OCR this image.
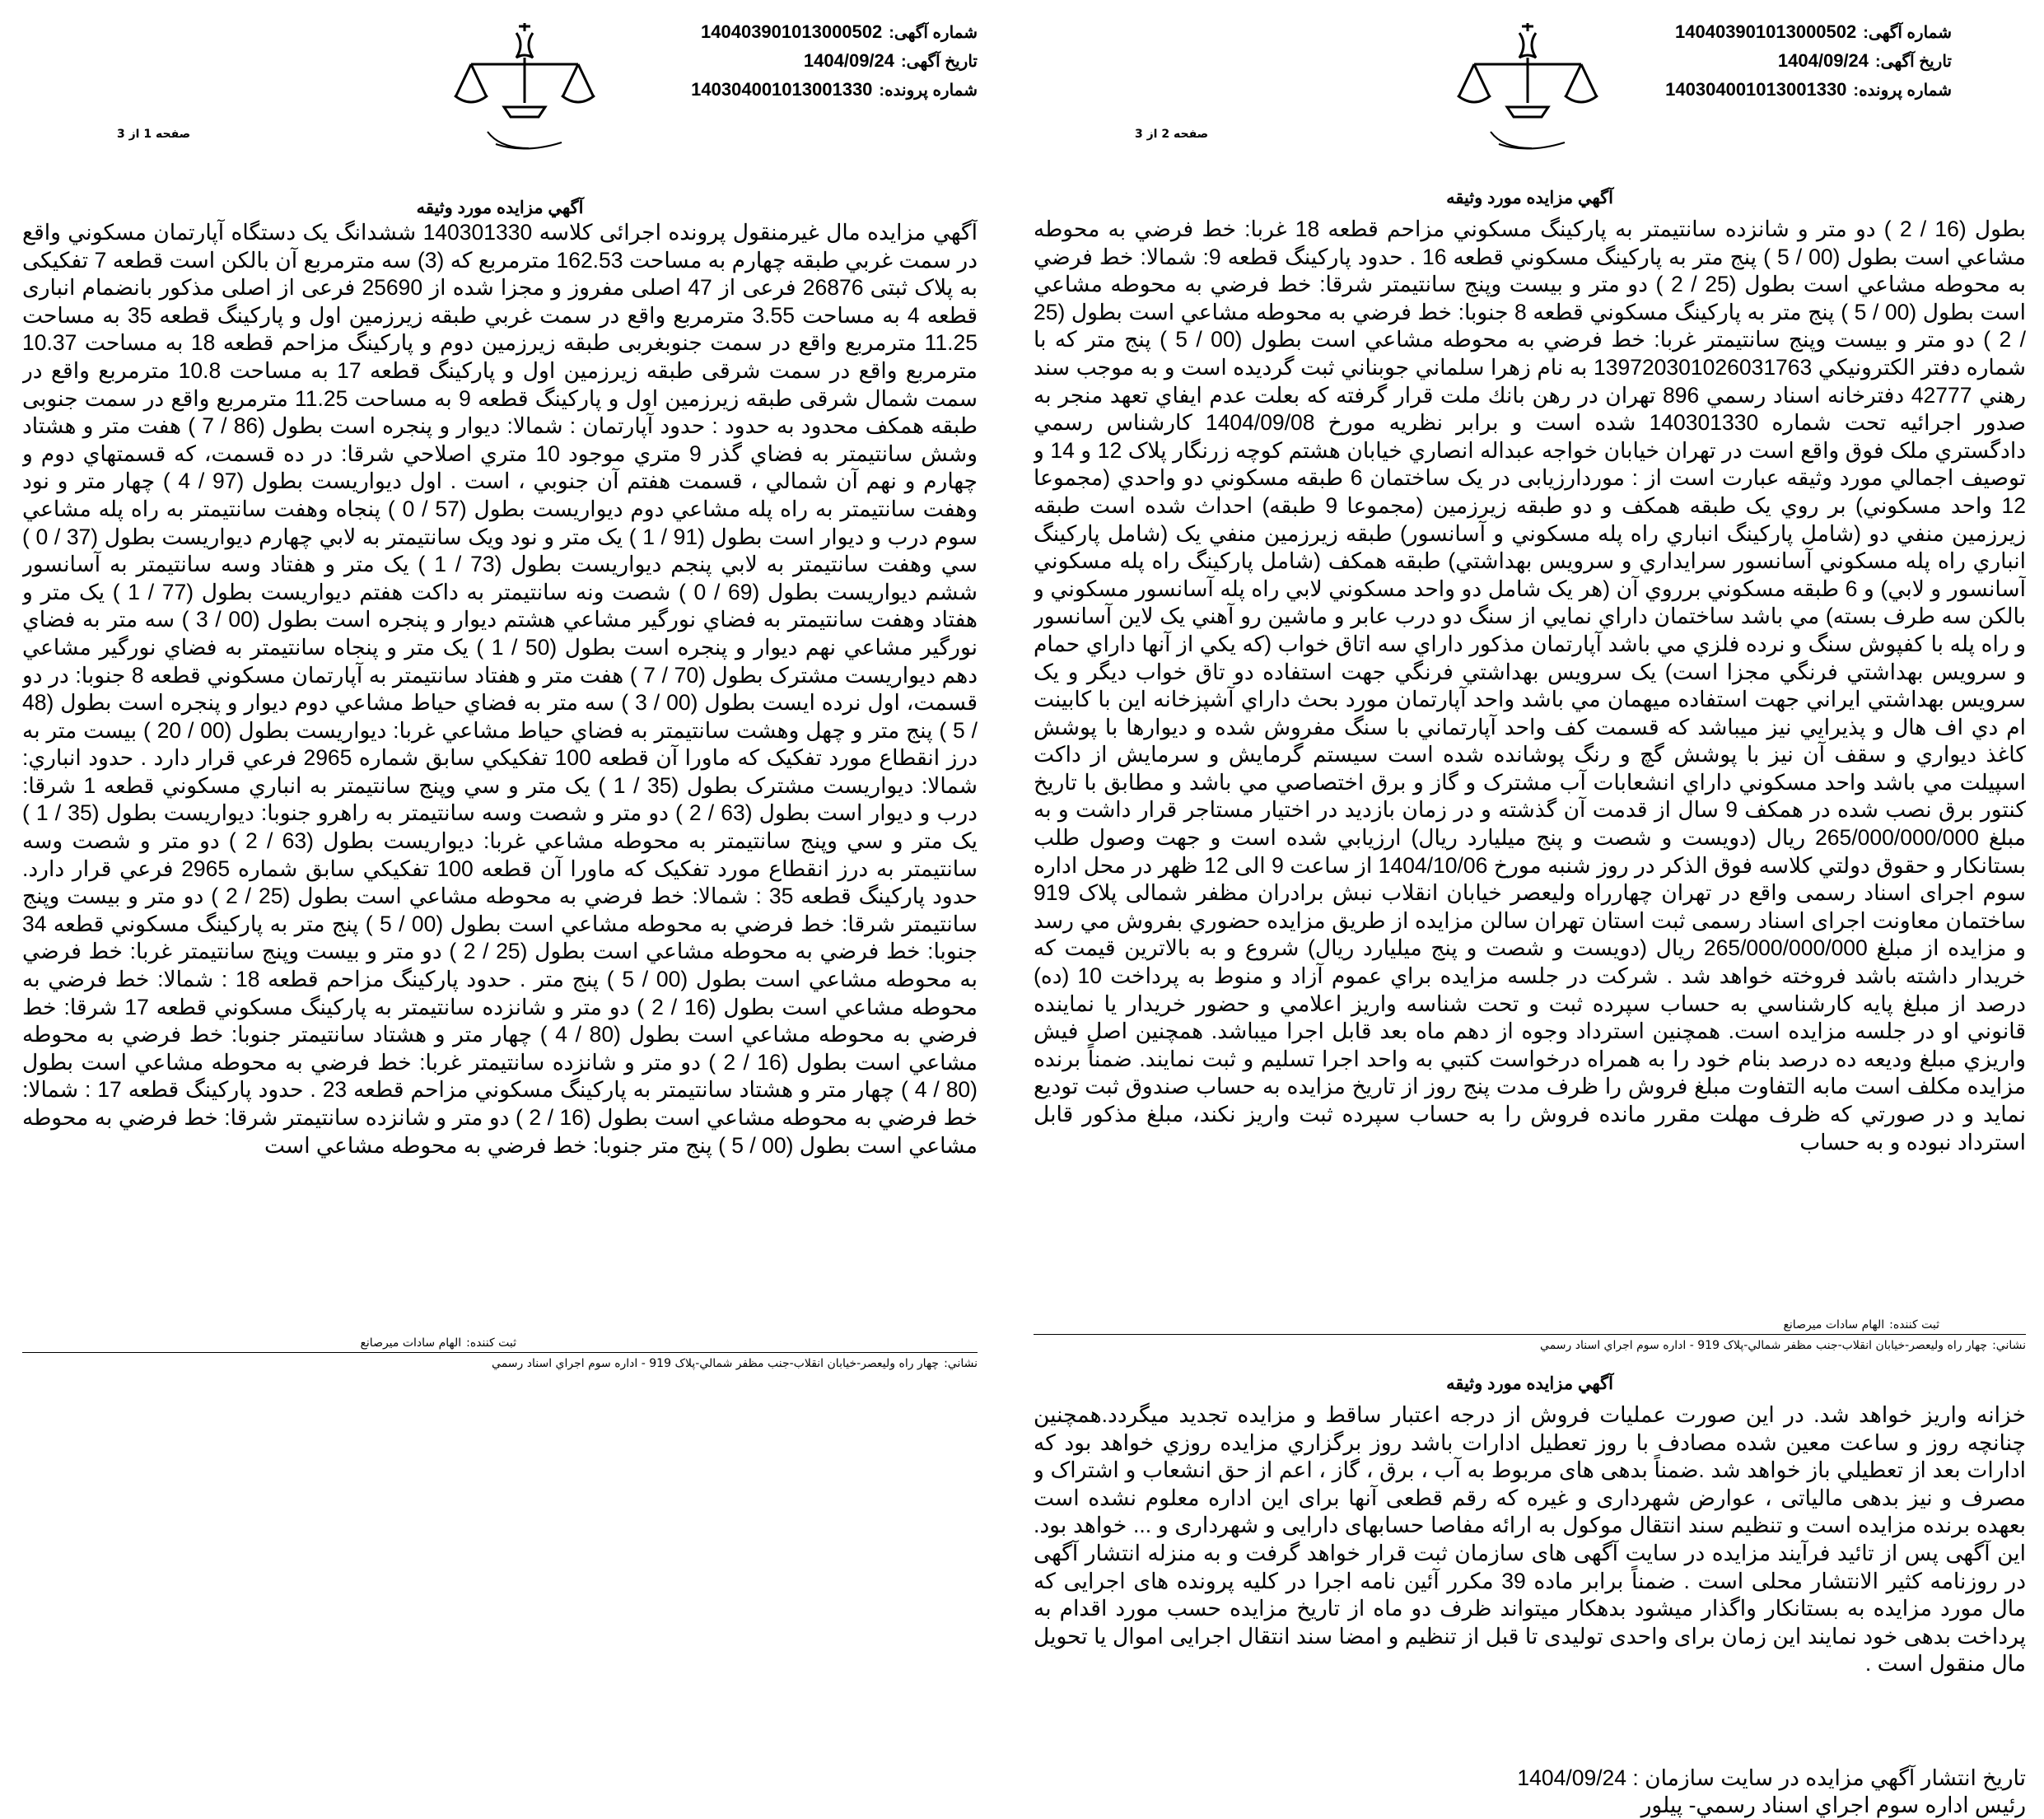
شماره آگهی:140403901013000502
تاریخ آگهی:1404/09/24
شماره پرونده:140304001013001330
صفحه 1 از 3
آگهي مزايده مورد وثيقه
آگهي مزايده مال غيرمنقول پرونده اجرائی کلاسه 140301330 ششدانگ یک دستگاه آپارتمان مسكوني واقع در سمت غربي طبقه چهارم به مساحت 162.53 مترمربع که (3) سه مترمربع آن بالکن است قطعه 7 تفکیکی به پلاک ثبتی 26876 فرعی از 47 اصلی مفروز و مجزا شده از 25690 فرعی از اصلی مذکور بانضمام انباری قطعه 4 به مساحت 3.55 مترمربع واقع در سمت غربي طبقه زیرزمین اول و پارکینگ قطعه 35 به مساحت 11.25 مترمربع واقع در سمت جنوبغربی طبقه زیرزمین دوم و پارکینگ مزاحم قطعه 18 به مساحت 10.37 مترمربع واقع در سمت شرقی طبقه زیرزمین اول و پارکینگ قطعه 17 به مساحت 10.8 مترمربع واقع در سمت شمال شرقی طبقه زیرزمین اول و پارکینگ قطعه 9 به مساحت 11.25 مترمربع واقع در سمت جنوبی طبقه همکف محدود به حدود : حدود آپارتمان : شمالا: ديوار و پنجره است بطول (86 / 7 ) هفت متر و هشتاد وشش سانتيمتر به فضاي گذر 9 متري موجود 10 متري اصلاحي شرقا: در ده قسمت، كه قسمتهاي دوم و چهارم و نهم آن شمالي ، قسمت هفتم آن جنوبي ، است . اول ديواريست بطول (97 / 4 ) چهار متر و نود وهفت سانتيمتر به راه پله مشاعي دوم ديواريست بطول (57 / 0 ) پنجاه وهفت سانتيمتر به راه پله مشاعي سوم درب و ديوار است بطول (91 / 1 ) يک متر و نود ويک سانتيمتر به لابي چهارم ديواريست بطول (37 / 0 ) سي وهفت سانتيمتر به لابي پنجم ديواريست بطول (73 / 1 ) يک متر و هفتاد وسه سانتيمتر به آسانسور ششم ديواريست بطول (69 / 0 ) شصت ونه سانتيمتر به داکت هفتم ديواريست بطول (77 / 1 ) يک متر و هفتاد وهفت سانتيمتر به فضاي نورگير مشاعي هشتم ديوار و پنجره است بطول (00 / 3 ) سه متر به فضاي نورگير مشاعي نهم ديوار و پنجره است بطول (50 / 1 ) يک متر و پنجاه سانتيمتر به فضاي نورگير مشاعي دهم ديواريست مشترک بطول (70 / 7 ) هفت متر و هفتاد سانتيمتر به آپارتمان مسکوني قطعه 8 جنوبا: در دو قسمت، اول نرده ايست بطول (00 / 3 ) سه متر به فضاي حياط مشاعي دوم ديوار و پنجره است بطول (48 / 5 ) پنج متر و چهل وهشت سانتيمتر به فضاي حياط مشاعي غربا: ديواريست بطول (00 / 20 ) بيست متر به درز انقطاع مورد تفکيک که ماورا آن قطعه 100 تفکيکي سابق شماره 2965 فرعي قرار دارد . حدود انباري: شمالا: ديواريست مشترک بطول (35 / 1 ) يک متر و سي وپنج سانتيمتر به انباري مسکوني قطعه 1 شرقا: درب و ديوار است بطول (63 / 2 ) دو متر و شصت وسه سانتيمتر به راهرو جنوبا: ديواريست بطول (35 / 1 ) يک متر و سي وپنج سانتيمتر به محوطه مشاعي غربا: ديواريست بطول (63 / 2 ) دو متر و شصت وسه سانتيمتر به درز انقطاع مورد تفکيک که ماورا آن قطعه 100 تفکيکي سابق شماره 2965 فرعي قرار دارد. حدود پارکينگ قطعه 35 : شمالا: خط فرضي به محوطه مشاعي است بطول (25 / 2 ) دو متر و بيست وپنج سانتيمتر شرقا: خط فرضي به محوطه مشاعي است بطول (00 / 5 ) پنج متر به پارکينگ مسکوني قطعه 34 جنوبا: خط فرضي به محوطه مشاعي است بطول (25 / 2 ) دو متر و بيست وپنج سانتيمتر غربا: خط فرضي به محوطه مشاعي است بطول (00 / 5 ) پنج متر . حدود پارکينگ مزاحم قطعه 18 : شمالا: خط فرضي به محوطه مشاعي است بطول (16 / 2 ) دو متر و شانزده سانتيمتر به پارکينگ مسکوني قطعه 17 شرقا: خط فرضي به محوطه مشاعي است بطول (80 / 4 ) چهار متر و هشتاد سانتيمتر جنوبا: خط فرضي به محوطه مشاعي است بطول (16 / 2 ) دو متر و شانزده سانتيمتر غربا: خط فرضي به محوطه مشاعي است بطول (80 / 4 ) چهار متر و هشتاد سانتيمتر به پارکينگ مسکوني مزاحم قطعه 23 . حدود پارکينگ قطعه 17 : شمالا: خط فرضي به محوطه مشاعي است بطول (16 / 2 ) دو متر و شانزده سانتيمتر شرقا: خط فرضي به محوطه مشاعي است بطول (00 / 5 ) پنج متر جنوبا: خط فرضي به محوطه مشاعي است
ثبت کننده:الهام سادات ميرصانع
نشاني:چهار راه وليعصر-خيابان انقلاب-جنب مظفر شمالي-پلاک 919 - اداره سوم اجراي اسناد رسمي
شماره آگهی:140403901013000502
تاریخ آگهی:1404/09/24
شماره پرونده:140304001013001330
صفحه 2 از 3
آگهي مزايده مورد وثيقه
بطول (16 / 2 ) دو متر و شانزده سانتيمتر به پارکينگ مسکوني مزاحم قطعه 18 غربا: خط فرضي به محوطه مشاعي است بطول (00 / 5 ) پنج متر به پارکينگ مسکوني قطعه 16 . حدود پارکينگ قطعه 9: شمالا: خط فرضي به محوطه مشاعي است بطول (25 / 2 ) دو متر و بيست وپنج سانتيمتر شرقا: خط فرضي به محوطه مشاعي است بطول (00 / 5 ) پنج متر به پارکينگ مسکوني قطعه 8 جنوبا: خط فرضي به محوطه مشاعي است بطول (25 / 2 ) دو متر و بيست وپنج سانتيمتر غربا: خط فرضي به محوطه مشاعي است بطول (00 / 5 ) پنج متر كه با شماره دفتر الكترونيكي 13972030102603176​3 به نام زهرا سلماني جوبناني ثبت گرديده است و به موجب سند رهني 42777 دفترخانه اسناد رسمي 896 تهران در رهن بانك ملت قرار گرفته كه بعلت عدم ايفاي تعهد منجر به صدور اجرائيه تحت شماره 140301330 شده است و برابر نظريه مورخ 1404/09/08 كارشناس رسمي دادگستري ملک فوق واقع است در تهران خيابان خواجه عبداله انصاري خيابان هشتم كوچه زرنگار پلاک 12 و 14 و توصيف اجمالي مورد وثيقه عبارت است از : موردارزيابی در يک ساختمان 6 طبقه مسکوني دو واحدي (مجموعا 12 واحد مسکوني) بر روي يک طبقه همکف و دو طبقه زيرزمين (مجموعا 9 طبقه) احداث شده است طبقه زيرزمين منفي دو (شامل پارکينگ انباري راه پله مسکوني و آسانسور) طبقه زيرزمين منفي يک (شامل پارکينگ انباري راه پله مسکوني آسانسور سرايداري و سرويس بهداشتي) طبقه همکف (شامل پارکينگ راه پله مسکوني آسانسور و لابي) و 6 طبقه مسکوني برروي آن (هر يک شامل دو واحد مسکوني لابي راه پله آسانسور مسکوني و بالکن سه طرف بسته) مي باشد ساختمان داراي نمايي از سنگ دو درب عابر و ماشين رو آهني يک لاين آسانسور و راه پله با کفپوش سنگ و نرده فلزي مي باشد آپارتمان مذکور داراي سه اتاق خواب (كه يكي از آنها داراي حمام و سرويس بهداشتي فرنگي مجزا است) يک سرويس بهداشتي فرنگي جهت استفاده دو تاق خواب ديگر و يک سرويس بهداشتي ايراني جهت استفاده ميهمان مي باشد واحد آپارتمان مورد بحث داراي آشپزخانه اين با کابينت ام دي اف هال و پذيرايي نيز ميباشد که قسمت کف واحد آپارتماني با سنگ مفروش شده و ديوارها با پوشش کاغذ ديواري و سقف آن نيز با پوشش گچ و رنگ پوشانده شده است سيستم گرمايش و سرمايش از داکت اسپيلت مي باشد واحد مسکوني داراي انشعابات آب مشترک و گاز و برق اختصاصي مي باشد و مطابق با تاريخ کنتور برق نصب شده در همکف 9 سال از قدمت آن گذشته و در زمان بازديد در اختيار مستاجر قرار داشت و به مبلغ 265/000/000/000 ريال (دويست و شصت و پنج ميليارد ريال) ارزيابي شده است و جهت وصول طلب بستانکار و حقوق دولتي کلاسه فوق الذکر در روز شنبه مورخ 1404/10/06 از ساعت 9 الی 12 ظهر در محل اداره سوم اجرای اسناد رسمی واقع در تهران چهارراه وليعصر خيابان انقلاب نبش برادران مظفر شمالی پلاک 919 ساختمان معاونت اجرای اسناد رسمی ثبت استان تهران سالن مزايده از طريق مزايده حضوري بفروش مي رسد و مزايده از مبلغ 265/000/000/000 ريال (دويست و شصت و پنج ميليارد ريال) شروع و به بالاترين قيمت كه خريدار داشته باشد فروخته خواهد شد . شركت در جلسه مزايده براي عموم آزاد و منوط به پرداخت 10 (ده) درصد از مبلغ پايه كارشناسي به حساب سپرده ثبت و تحت شناسه واريز اعلامي و حضور خريدار يا نماينده قانوني او در جلسه مزايده است. همچنين استرداد وجوه از دهم ماه بعد قابل اجرا ميباشد. همچنين اصل فيش واريزي مبلغ وديعه ده درصد بنام خود را به همراه درخواست كتبي به واحد اجرا تسليم و ثبت نمايند. ضمناً برنده مزايده مكلف است مابه التفاوت مبلغ فروش را ظرف مدت پنج روز از تاريخ مزايده به حساب صندوق ثبت توديع نمايد و در صورتي كه ظرف مهلت مقرر مانده فروش را به حساب سپرده ثبت واريز نكند، مبلغ مذكور قابل استرداد نبوده و به حساب
ثبت کننده:الهام سادات ميرصانع
نشاني:چهار راه وليعصر-خيابان انقلاب-جنب مظفر شمالي-پلاک 919 - اداره سوم اجراي اسناد رسمي
آگهي مزايده مورد وثيقه
خزانه واريز خواهد شد. در اين صورت عمليات فروش از درجه اعتبار ساقط و مزايده تجديد ميگردد.همچنين چنانچه روز و ساعت معين شده مصادف با روز تعطيل ادارات باشد روز برگزاري مزايده روزي خواهد بود كه ادارات بعد از تعطيلي باز خواهد شد .ضمناً بدهی های مربوط به آب ، برق ، گاز ، اعم از حق انشعاب و اشتراک و مصرف و نيز بدهی مالياتی ، عوارض شهرداری و غيره كه رقم قطعی آنها برای اين اداره معلوم نشده است بعهده برنده مزايده است و تنظيم سند انتقال موكول به ارائه مفاصا حسابهای دارايی و شهرداری و ... خواهد بود. اين آگهی پس از تائيد فرآيند مزايده در سايت آگهی های سازمان ثبت قرار خواهد گرفت و به منزله انتشار آگهی در روزنامه كثير الانتشار محلی است . ضمناً برابر ماده 39 مكرر آئين نامه اجرا در كليه پرونده های اجرايی كه مال مورد مزايده به بستانكار واگذار ميشود بدهكار ميتواند ظرف دو ماه از تاريخ مزايده حسب مورد اقدام به پرداخت بدهی خود نمايند اين زمان برای واحدی توليدی تا قبل از تنظيم و امضا سند انتقال اجرايی اموال يا تحويل مال منقول است .
تاريخ انتشار آگهي مزايده در سايت سازمان : 1404/09/24
رئيس اداره سوم اجراي اسناد رسمي- پيلور
